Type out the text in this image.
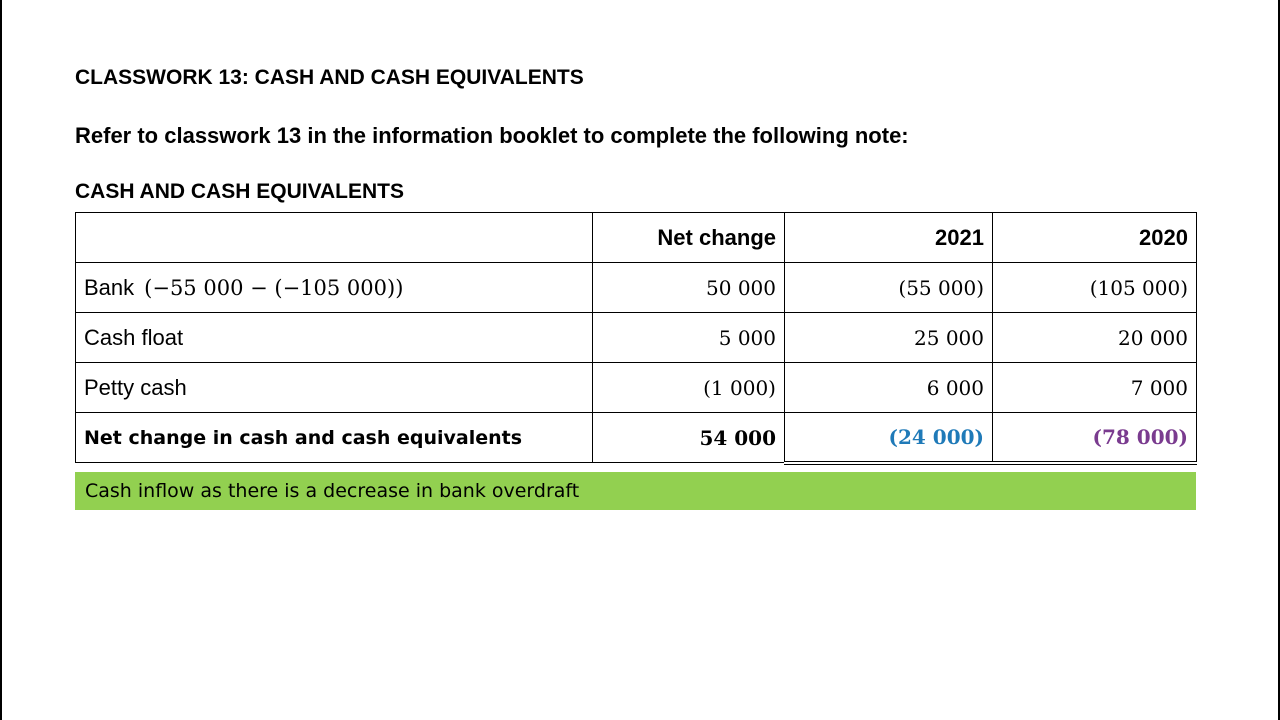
CLASSWORK 13: CASH AND CASH EQUIVALENTS
Refer to classwork 13 in the information booklet to complete the following note:
CASH AND CASH EQUIVALENTS
	Net change	2021	2020
Bank (−55 000 − (−105 000))	50 000	(55 000)	(105 000)
Cash float	5 000	25 000	20 000
Petty cash	(1 000)	6 000	7 000
Net change in cash and cash equivalents	54 000	(24 000)	(78 000)
Cash inflow as there is a decrease in bank overdraft
